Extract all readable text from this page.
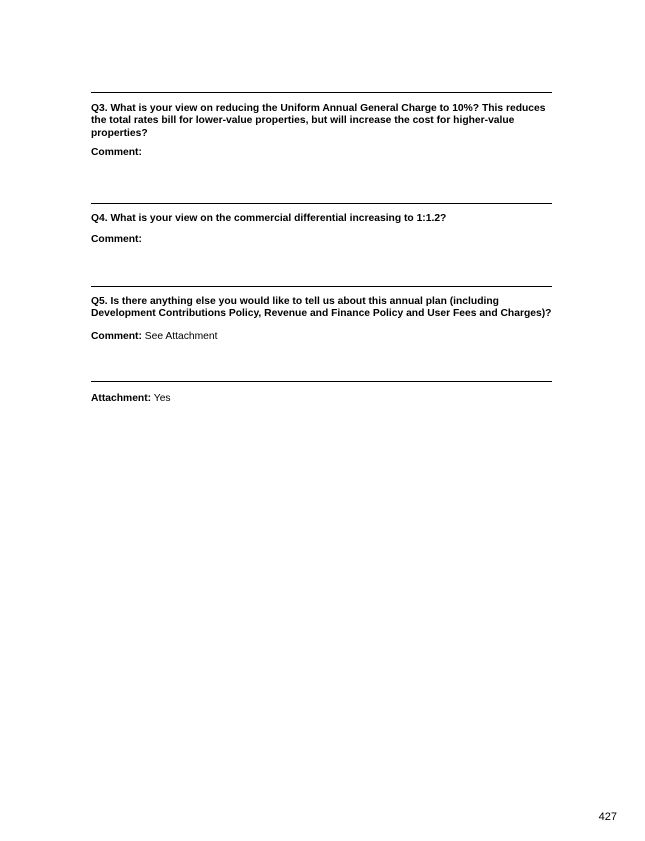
Q3. What is your view on reducing the Uniform Annual General Charge to 10%? This reduces the total rates bill for lower-value properties, but will increase the cost for higher-value properties?

Comment:

Q4. What is your view on the commercial differential increasing to 1:1.2?

Comment:

Q5. Is there anything else you would like to tell us about this annual plan (including Development Contributions Policy, Revenue and Finance Policy and User Fees and Charges)?

Comment: See Attachment

Attachment: Yes

427
